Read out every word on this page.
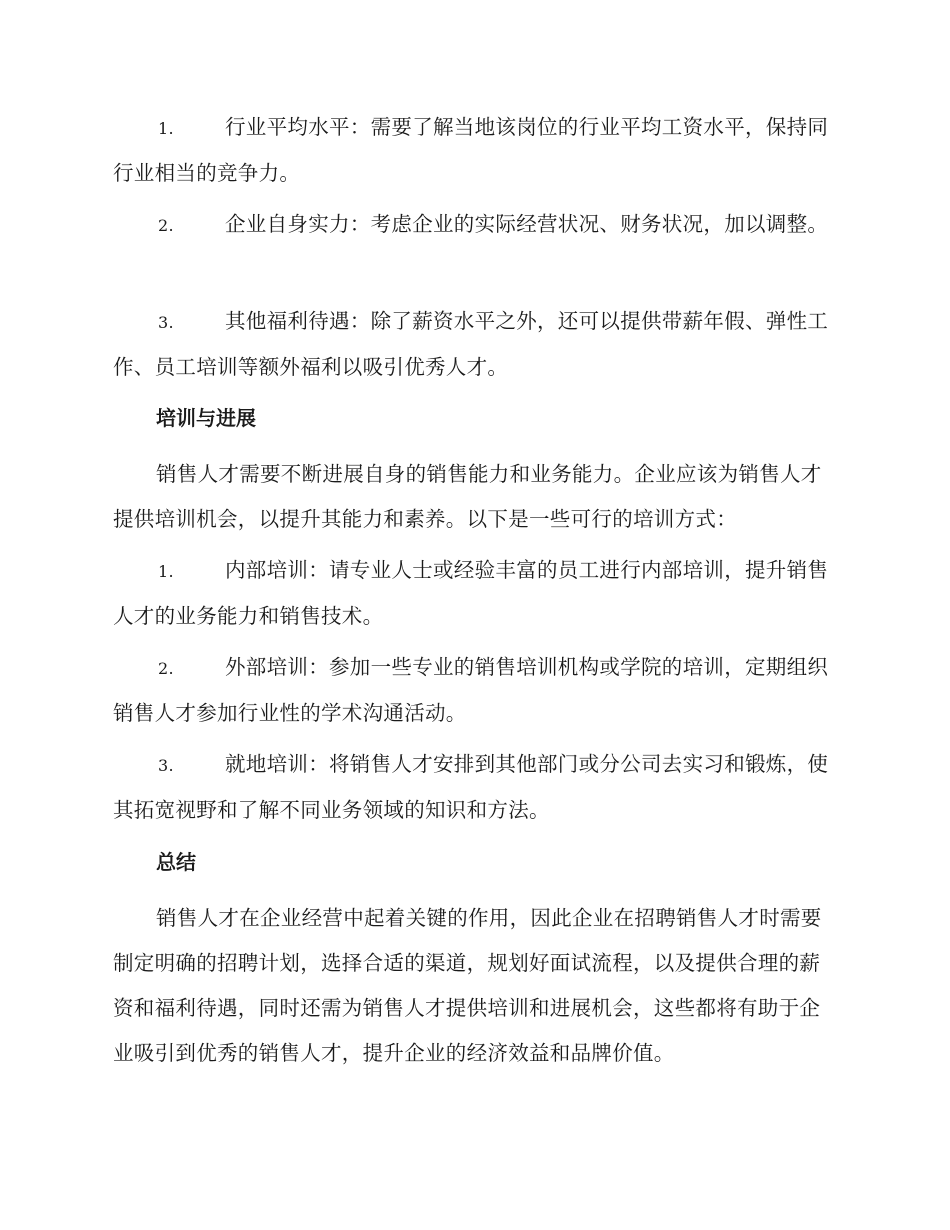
1. 行业平均水平：需要了解当地该岗位的行业平均工资水平，保持同行业相当的竞争力。
2. 企业自身实力：考虑企业的实际经营状况、财务状况，加以调整。
3. 其他福利待遇：除了薪资水平之外，还可以提供带薪年假、弹性工作、员工培训等额外福利以吸引优秀人才。
培训与进展
销售人才需要不断进展自身的销售能力和业务能力。企业应该为销售人才提供培训机会，以提升其能力和素养。以下是一些可行的培训方式：
1. 内部培训：请专业人士或经验丰富的员工进行内部培训，提升销售人才的业务能力和销售技术。
2. 外部培训：参加一些专业的销售培训机构或学院的培训，定期组织销售人才参加行业性的学术沟通活动。
3. 就地培训：将销售人才安排到其他部门或分公司去实习和锻炼，使其拓宽视野和了解不同业务领域的知识和方法。
总结
销售人才在企业经营中起着关键的作用，因此企业在招聘销售人才时需要制定明确的招聘计划，选择合适的渠道，规划好面试流程，以及提供合理的薪资和福利待遇，同时还需为销售人才提供培训和进展机会，这些都将有助于企业吸引到优秀的销售人才，提升企业的经济效益和品牌价值。
